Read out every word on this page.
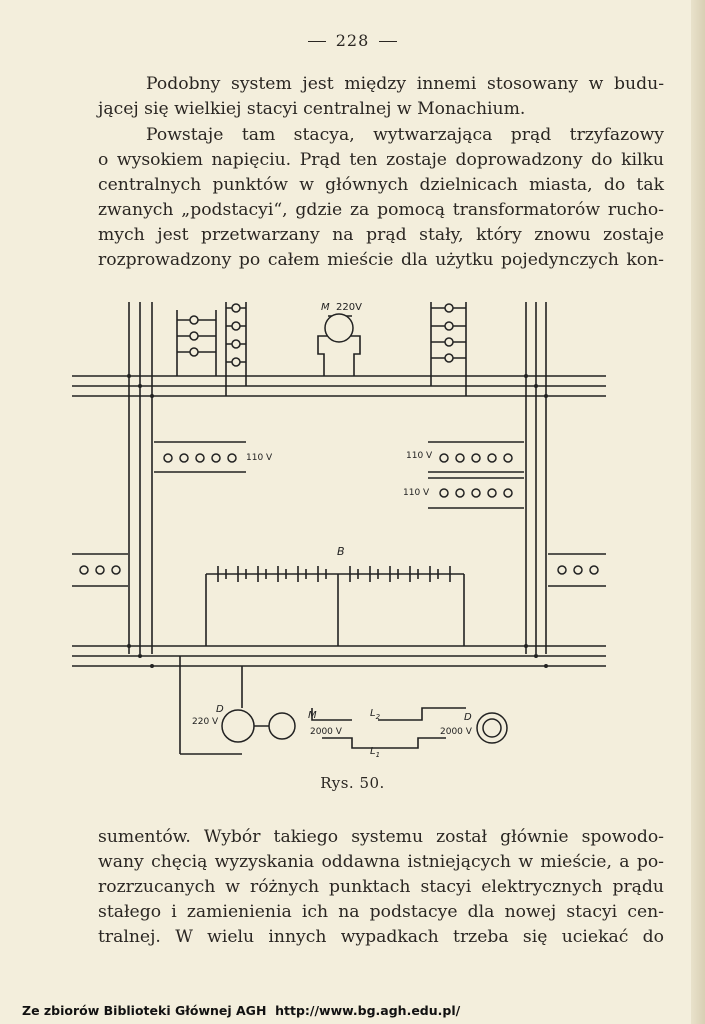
228
Podobny system jest między innemi stosowany w budu-
jącej się wielkiej stacyi centralnej w Monachium.
Powstaje tam stacya, wytwarzająca prąd trzyfazowy
o wysokiem napięciu. Prąd ten zostaje doprowadzony do kilku
centralnych punktów w głównych dzielnicach miasta, do tak
zwanych „podstacyi“, gdzie za pomocą transformatorów rucho-
mych jest przetwarzany na prąd stały, który znowu zostaje
rozprowadzony po całem mieście dla użytku pojedynczych kon-
M 220V
110 V	110 V
110 V
B
D
220 V
M
2000 V
$L_2$
$L_1$
D
2000 V
Rys. 50.
sumentów. Wybór takiego systemu został głównie spowodo-
wany chęcią wyzyskania oddawna istniejących w mieście, a po-
rozrzucanych w różnych punktach stacyi elektrycznych prądu
stałego i zamienienia ich na podstacye dla nowej stacyi cen-
tralnej. W wielu innych wypadkach trzeba się uciekać do
Ze zbiorów Biblioteki Głównej AGH http://www.bg.agh.edu.pl/
